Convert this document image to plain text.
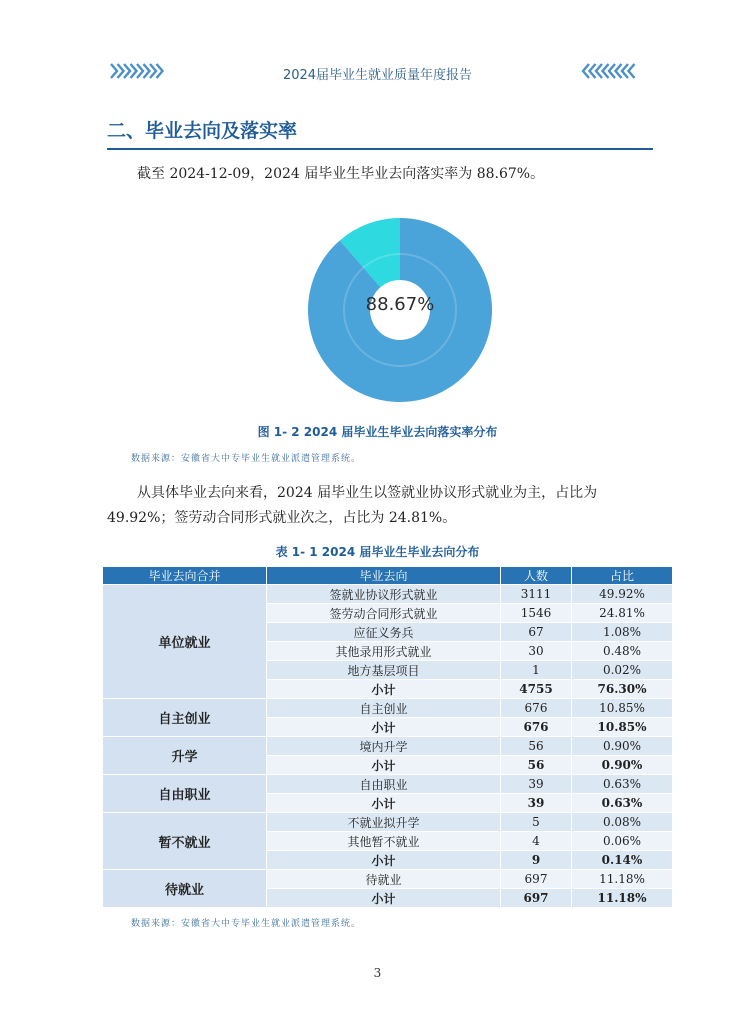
2024届毕业生就业质量年度报告
二、毕业去向及落实率
截至 2024-12-09，2024 届毕业生毕业去向落实率为 88.67%。
88.67%
图 1- 2 2024 届毕业生毕业去向落实率分布
数据来源：安徽省大中专毕业生就业派遣管理系统。
从具体毕业去向来看，2024 届毕业生以签就业协议形式就业为主，占比为 49.92%；签劳动合同形式就业次之，占比为 24.81%。
表 1- 1 2024 届毕业生毕业去向分布
毕业去向合并	毕业去向	人数	占比
单位就业	签就业协议形式就业	3111	49.92%
	签劳动合同形式就业	1546	24.81%
	应征义务兵	67	1.08%
	其他录用形式就业	30	0.48%
	地方基层项目	1	0.02%
	小计	4755	76.30%
自主创业	自主创业	676	10.85%
	小计	676	10.85%
升学	境内升学	56	0.90%
	小计	56	0.90%
自由职业	自由职业	39	0.63%
	小计	39	0.63%
暂不就业	不就业拟升学	5	0.08%
	其他暂不就业	4	0.06%
	小计	9	0.14%
待就业	待就业	697	11.18%
	小计	697	11.18%
数据来源：安徽省大中专毕业生就业派遣管理系统。
3
